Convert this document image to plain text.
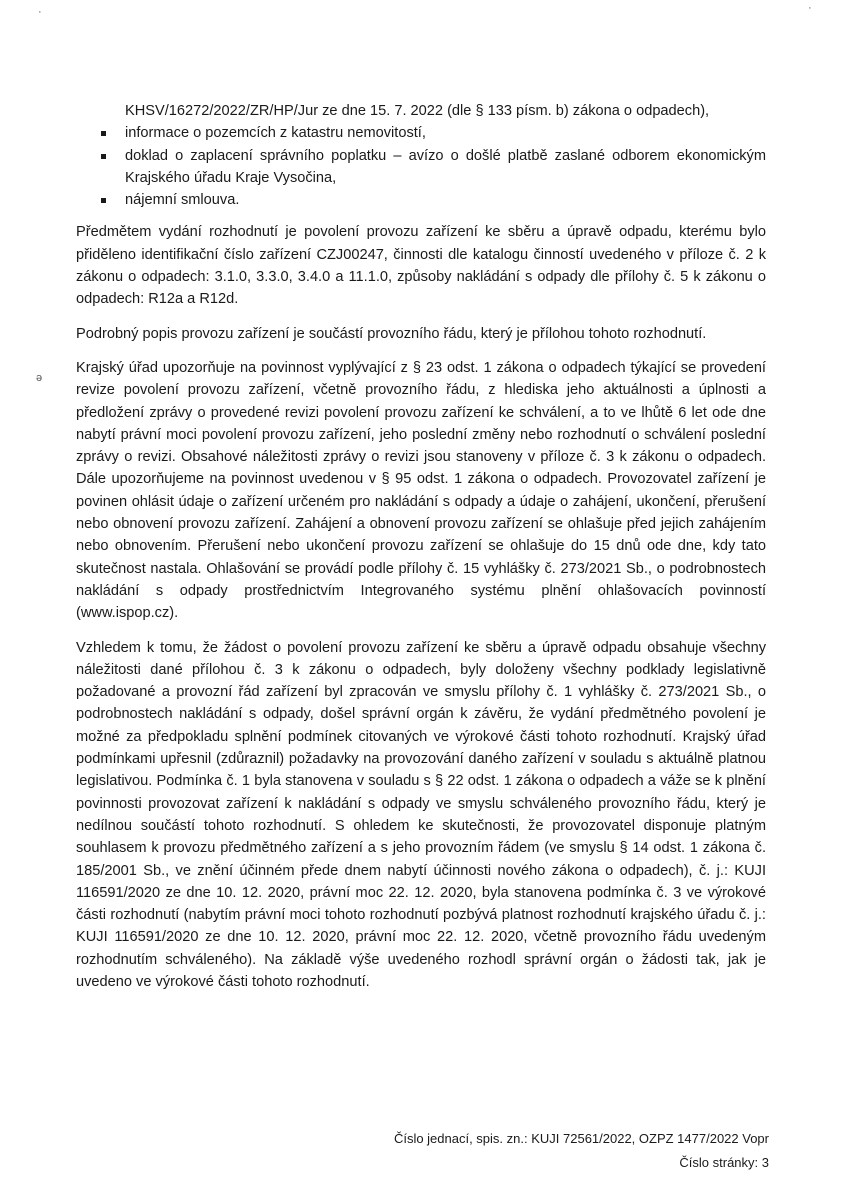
·	·
ə
KHSV/16272/2022/ZR/HP/Jur ze dne 15. 7. 2022 (dle § 133 písm. b) zákona o odpadech),
informace o pozemcích z katastru nemovitostí,
doklad o zaplacení správního poplatku – avízo o došlé platbě zaslané odborem ekonomickým Krajského úřadu Kraje Vysočina,
nájemní smlouva.

Předmětem vydání rozhodnutí je povolení provozu zařízení ke sběru a úpravě odpadu, kterému bylo přiděleno identifikační číslo zařízení CZJ00247, činnosti dle katalogu činností uvedeného v příloze č. 2 k zákonu o odpadech: 3.1.0, 3.3.0, 3.4.0 a 11.1.0, způsoby nakládání s odpady dle přílohy č. 5 k zákonu o odpadech: R12a a R12d.

Podrobný popis provozu zařízení je součástí provozního řádu, který je přílohou tohoto rozhodnutí.

Krajský úřad upozorňuje na povinnost vyplývající z § 23 odst. 1 zákona o odpadech týkající se provedení revize povolení provozu zařízení, včetně provozního řádu, z hlediska jeho aktuálnosti a úplnosti a předložení zprávy o provedené revizi povolení provozu zařízení ke schválení, a to ve lhůtě 6 let ode dne nabytí právní moci povolení provozu zařízení, jeho poslední změny nebo rozhodnutí o schválení poslední zprávy o revizi. Obsahové náležitosti zprávy o revizi jsou stanoveny v příloze č. 3 k zákonu o odpadech. Dále upozorňujeme na povinnost uvedenou v § 95 odst. 1 zákona o odpadech. Provozovatel zařízení je povinen ohlásit údaje o zařízení určeném pro nakládání s odpady a údaje o zahájení, ukončení, přerušení nebo obnovení provozu zařízení. Zahájení a obnovení provozu zařízení se ohlašuje před jejich zahájením nebo obnovením. Přerušení nebo ukončení provozu zařízení se ohlašuje do 15 dnů ode dne, kdy tato skutečnost nastala. Ohlašování se provádí podle přílohy č. 15 vyhlášky č. 273/2021 Sb., o podrobnostech nakládání s odpady prostřednictvím Integrovaného systému plnění ohlašovacích povinností (www.ispop.cz).

Vzhledem k tomu, že žádost o povolení provozu zařízení ke sběru a úpravě odpadu obsahuje všechny náležitosti dané přílohou č. 3 k zákonu o odpadech, byly doloženy všechny podklady legislativně požadované a provozní řád zařízení byl zpracován ve smyslu přílohy č. 1 vyhlášky č. 273/2021 Sb., o podrobnostech nakládání s odpady, došel správní orgán k závěru, že vydání předmětného povolení je možné za předpokladu splnění podmínek citovaných ve výrokové části tohoto rozhodnutí. Krajský úřad podmínkami upřesnil (zdůraznil) požadavky na provozování daného zařízení v souladu s aktuálně platnou legislativou. Podmínka č. 1 byla stanovena v souladu s § 22 odst. 1 zákona o odpadech a váže se k plnění povinnosti provozovat zařízení k nakládání s odpady ve smyslu schváleného provozního řádu, který je nedílnou součástí tohoto rozhodnutí. S ohledem ke skutečnosti, že provozovatel disponuje platným souhlasem k provozu předmětného zařízení a s jeho provozním řádem (ve smyslu § 14 odst. 1 zákona č. 185/2001 Sb., ve znění účinném přede dnem nabytí účinnosti nového zákona o odpadech), č. j.: KUJI 116591/2020 ze dne 10. 12. 2020, právní moc 22. 12. 2020, byla stanovena podmínka č. 3 ve výrokové části rozhodnutí (nabytím právní moci tohoto rozhodnutí pozbývá platnost rozhodnutí krajského úřadu č. j.: KUJI 116591/2020 ze dne 10. 12. 2020, právní moc 22. 12. 2020, včetně provozního řádu uvedeným rozhodnutím schváleného). Na základě výše uvedeného rozhodl správní orgán o žádosti tak, jak je uvedeno ve výrokové části tohoto rozhodnutí.

Číslo jednací, spis. zn.: KUJI 72561/2022, OZPZ 1477/2022 Vopr
Číslo stránky: 3
